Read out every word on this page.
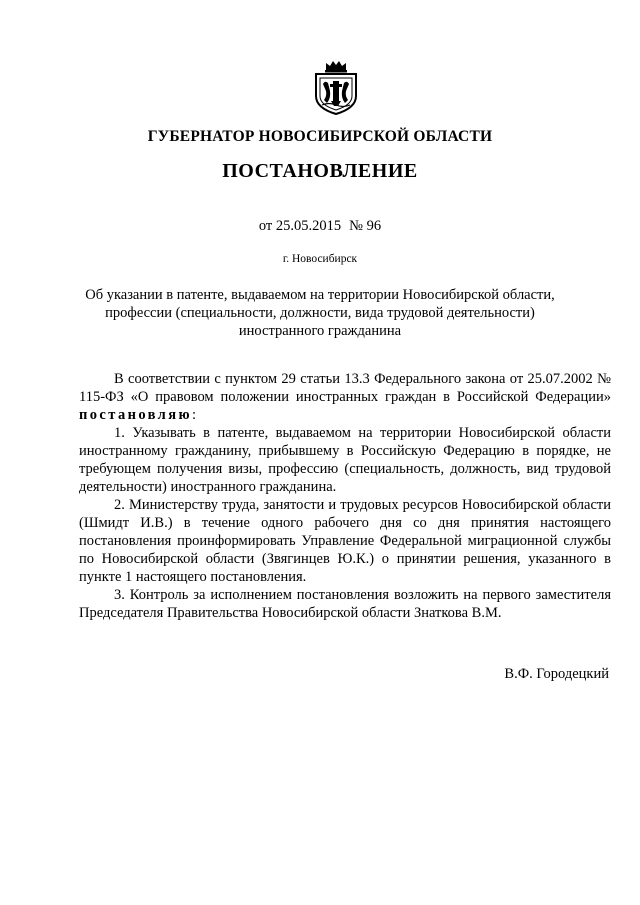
ГУБЕРНАТОР НОВОСИБИРСКОЙ ОБЛАСТИ
ПОСТАНОВЛЕНИЕ
от 25.05.2015 № 96
г. Новосибирск
Об указании в патенте, выдаваемом на территории Новосибирской области,
профессии (специальности, должности, вида трудовой деятельности)
иностранного гражданина

В соответствии с пунктом 29 статьи 13.3 Федерального закона от 25.07.2002 № 115-ФЗ «О правовом положении иностранных граждан в Российской Федерации» постановляю:

1. Указывать в патенте, выдаваемом на территории Новосибирской области иностранному гражданину, прибывшему в Российскую Федерацию в порядке, не требующем получения визы, профессию (специальность, должность, вид трудовой деятельности) иностранного гражданина.

2. Министерству труда, занятости и трудовых ресурсов Новосибирской области (Шмидт И.В.) в течение одного рабочего дня со дня принятия настоящего постановления проинформировать Управление Федеральной миграционной службы по Новосибирской области (Звягинцев Ю.К.) о принятии решения, указанного в пункте 1 настоящего постановления.

3. Контроль за исполнением постановления возложить на первого заместителя Председателя Правительства Новосибирской области Знаткова В.М.

В.Ф. Городецкий
